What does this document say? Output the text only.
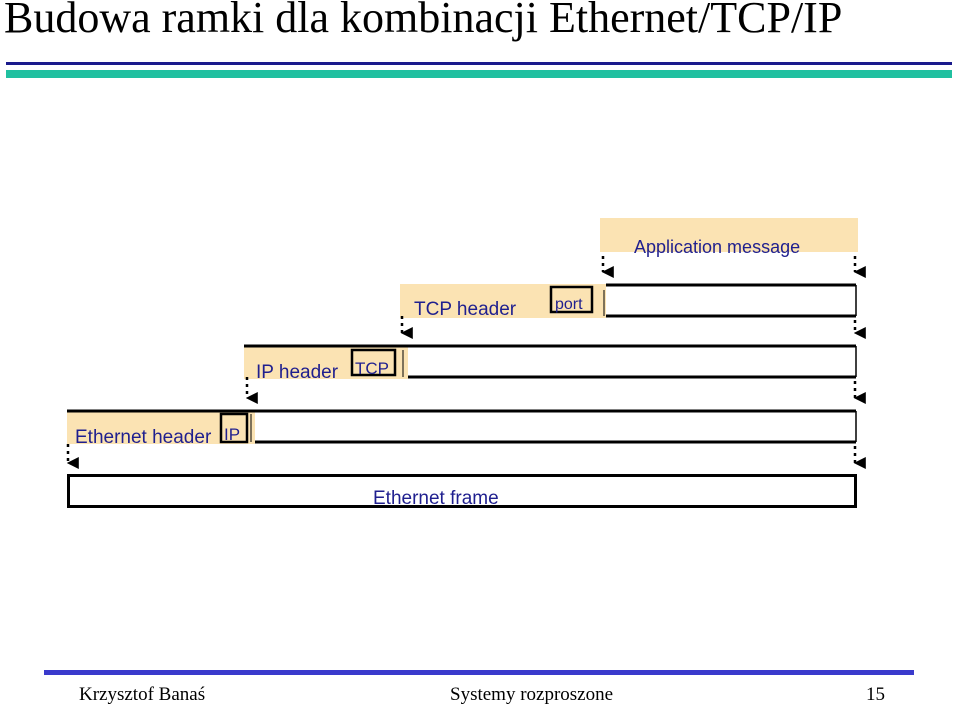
Budowa ramki dla kombinacji Ethernet/TCP/IP
Application message
TCP header port
IP header TCP
Ethernet header IP
Ethernet frame
Krzysztof Banaś	Systemy rozproszone	15
